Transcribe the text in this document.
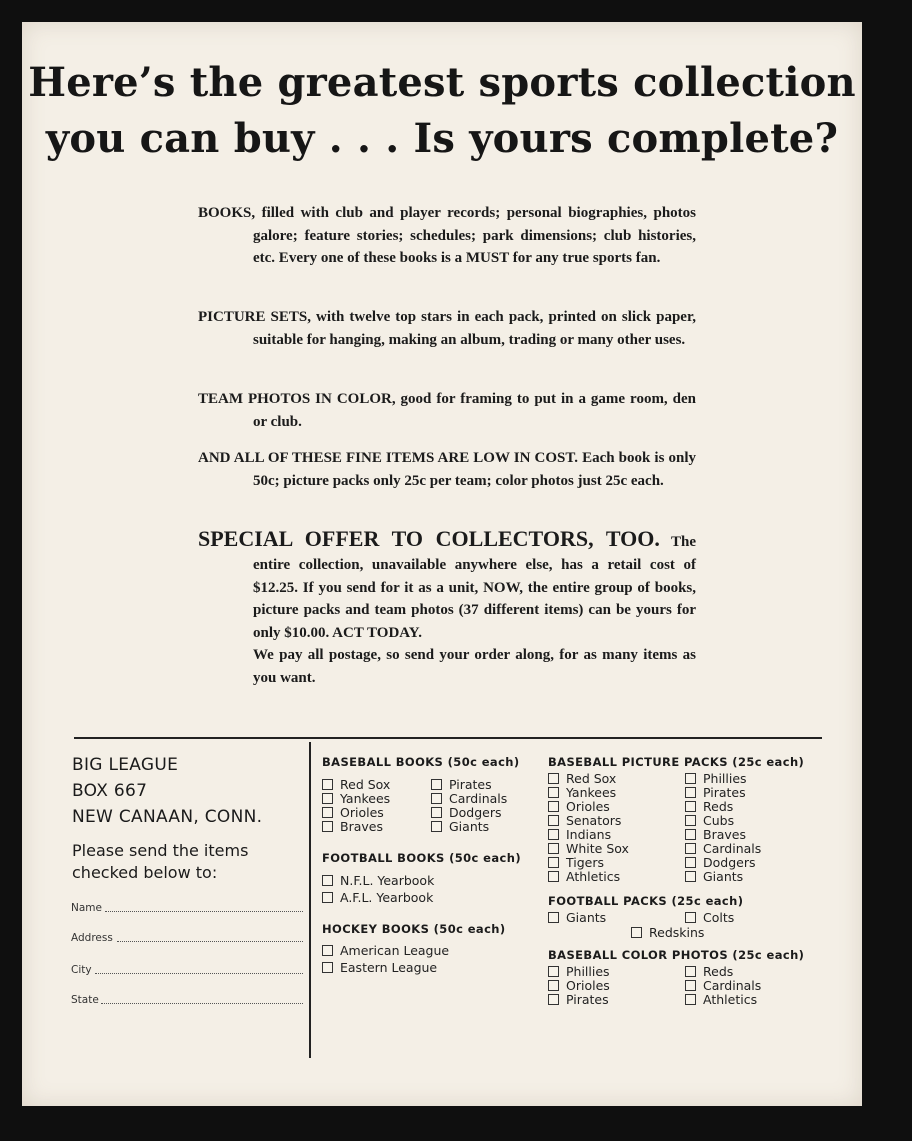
Here’s the greatest sports collection
you can buy . . . Is yours complete?
BOOKS, filled with club and player records; personal biographies, photos galore; feature stories; schedules; park dimensions; club histories, etc. Every one of these books is a MUST for any true sports fan.
PICTURE SETS, with twelve top stars in each pack, printed on slick paper, suitable for hanging, making an album, trading or many other uses.
TEAM PHOTOS IN COLOR, good for framing to put in a game room, den or club.
AND ALL OF THESE FINE ITEMS ARE LOW IN COST. Each book is only 50c; picture packs only 25c per team; color photos just 25c each.
SPECIAL OFFER TO COLLECTORS, TOO. The entire collection, unavailable anywhere else, has a retail cost of $12.25. If you send for it as a unit, NOW, the entire group of books, picture packs and team photos (37 different items) can be yours for only $10.00. ACT TODAY.
We pay all postage, so send your order along, for as many items as you want.
BIG LEAGUE
BOX 667
NEW CANAAN, CONN.
Please send the items
checked below to:
Name
Address
City
State
BASEBALL BOOKS (50c each)
Red Sox
Yankees
Orioles
Braves
Pirates
Cardinals
Dodgers
Giants
FOOTBALL BOOKS (50c each)
N.F.L. Yearbook
A.F.L. Yearbook
HOCKEY BOOKS (50c each)
American League
Eastern League
BASEBALL PICTURE PACKS (25c each)
Red Sox
Yankees
Orioles
Senators
Indians
White Sox
Tigers
Athletics
Phillies
Pirates
Reds
Cubs
Braves
Cardinals
Dodgers
Giants
FOOTBALL PACKS (25c each)
Giants	Colts
Redskins
BASEBALL COLOR PHOTOS (25c each)
Phillies
Orioles
Pirates
Reds
Cardinals
Athletics
